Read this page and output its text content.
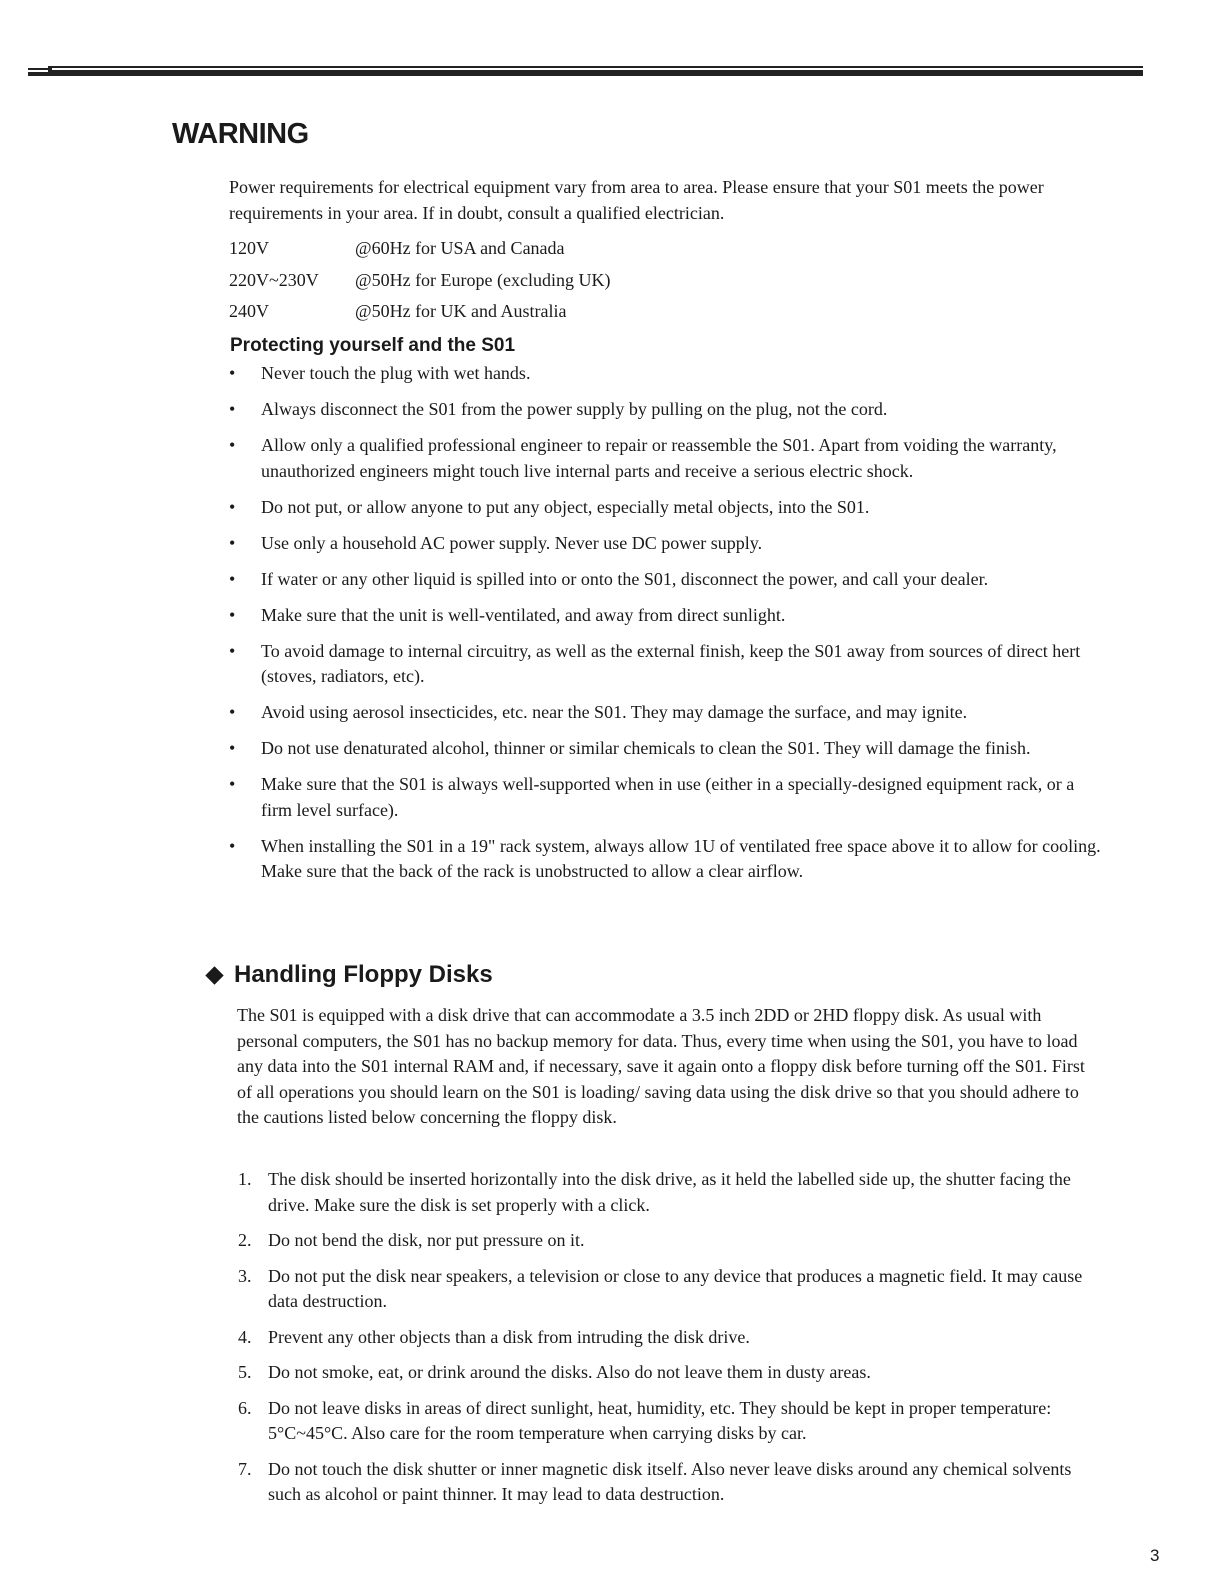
WARNING

Power requirements for electrical equipment vary from area to area. Please ensure that your S01 meets the power requirements in your area. If in doubt, consult a qualified electrician.

120V	@60Hz for USA and Canada
220V~230V	@50Hz for Europe (excluding UK)
240V	@50Hz for UK and Australia
Protecting yourself and the S01
• Never touch the plug with wet hands.
• Always disconnect the S01 from the power supply by pulling on the plug, not the cord.
• Allow only a qualified professional engineer to repair or reassemble the S01. Apart from voiding the warranty, unauthorized engineers might touch live internal parts and receive a serious electric shock.
• Do not put, or allow anyone to put any object, especially metal objects, into the S01.
• Use only a household AC power supply. Never use DC power supply.
• If water or any other liquid is spilled into or onto the S01, disconnect the power, and call your dealer.
• Make sure that the unit is well-ventilated, and away from direct sunlight.
• To avoid damage to internal circuitry, as well as the external finish, keep the S01 away from sources of direct hert (stoves, radiators, etc).
• Avoid using aerosol insecticides, etc. near the S01. They may damage the surface, and may ignite.
• Do not use denaturated alcohol, thinner or similar chemicals to clean the S01. They will damage the finish.
• Make sure that the S01 is always well-supported when in use (either in a specially-designed equipment rack, or a firm level surface).
• When installing the S01 in a 19" rack system, always allow 1U of ventilated free space above it to allow for cooling. Make sure that the back of the rack is unobstructed to allow a clear airflow.
Handling Floppy Disks

The S01 is equipped with a disk drive that can accommodate a 3.5 inch 2DD or 2HD floppy disk. As usual with personal computers, the S01 has no backup memory for data. Thus, every time when using the S01, you have to load any data into the S01 internal RAM and, if necessary, save it again onto a floppy disk before turning off the S01. First of all operations you should learn on the S01 is loading/ saving data using the disk drive so that you should adhere to the cautions listed below concerning the floppy disk.

1. The disk should be inserted horizontally into the disk drive, as it held the labelled side up, the shutter facing the drive. Make sure the disk is set properly with a click.
2. Do not bend the disk, nor put pressure on it.
3. Do not put the disk near speakers, a television or close to any device that produces a magnetic field. It may cause data destruction.
4. Prevent any other objects than a disk from intruding the disk drive.
5. Do not smoke, eat, or drink around the disks. Also do not leave them in dusty areas.
6. Do not leave disks in areas of direct sunlight, heat, humidity, etc. They should be kept in proper temperature: 5°C~45°C. Also care for the room temperature when carrying disks by car.
7. Do not touch the disk shutter or inner magnetic disk itself. Also never leave disks around any chemical solvents such as alcohol or paint thinner. It may lead to data destruction.
3
